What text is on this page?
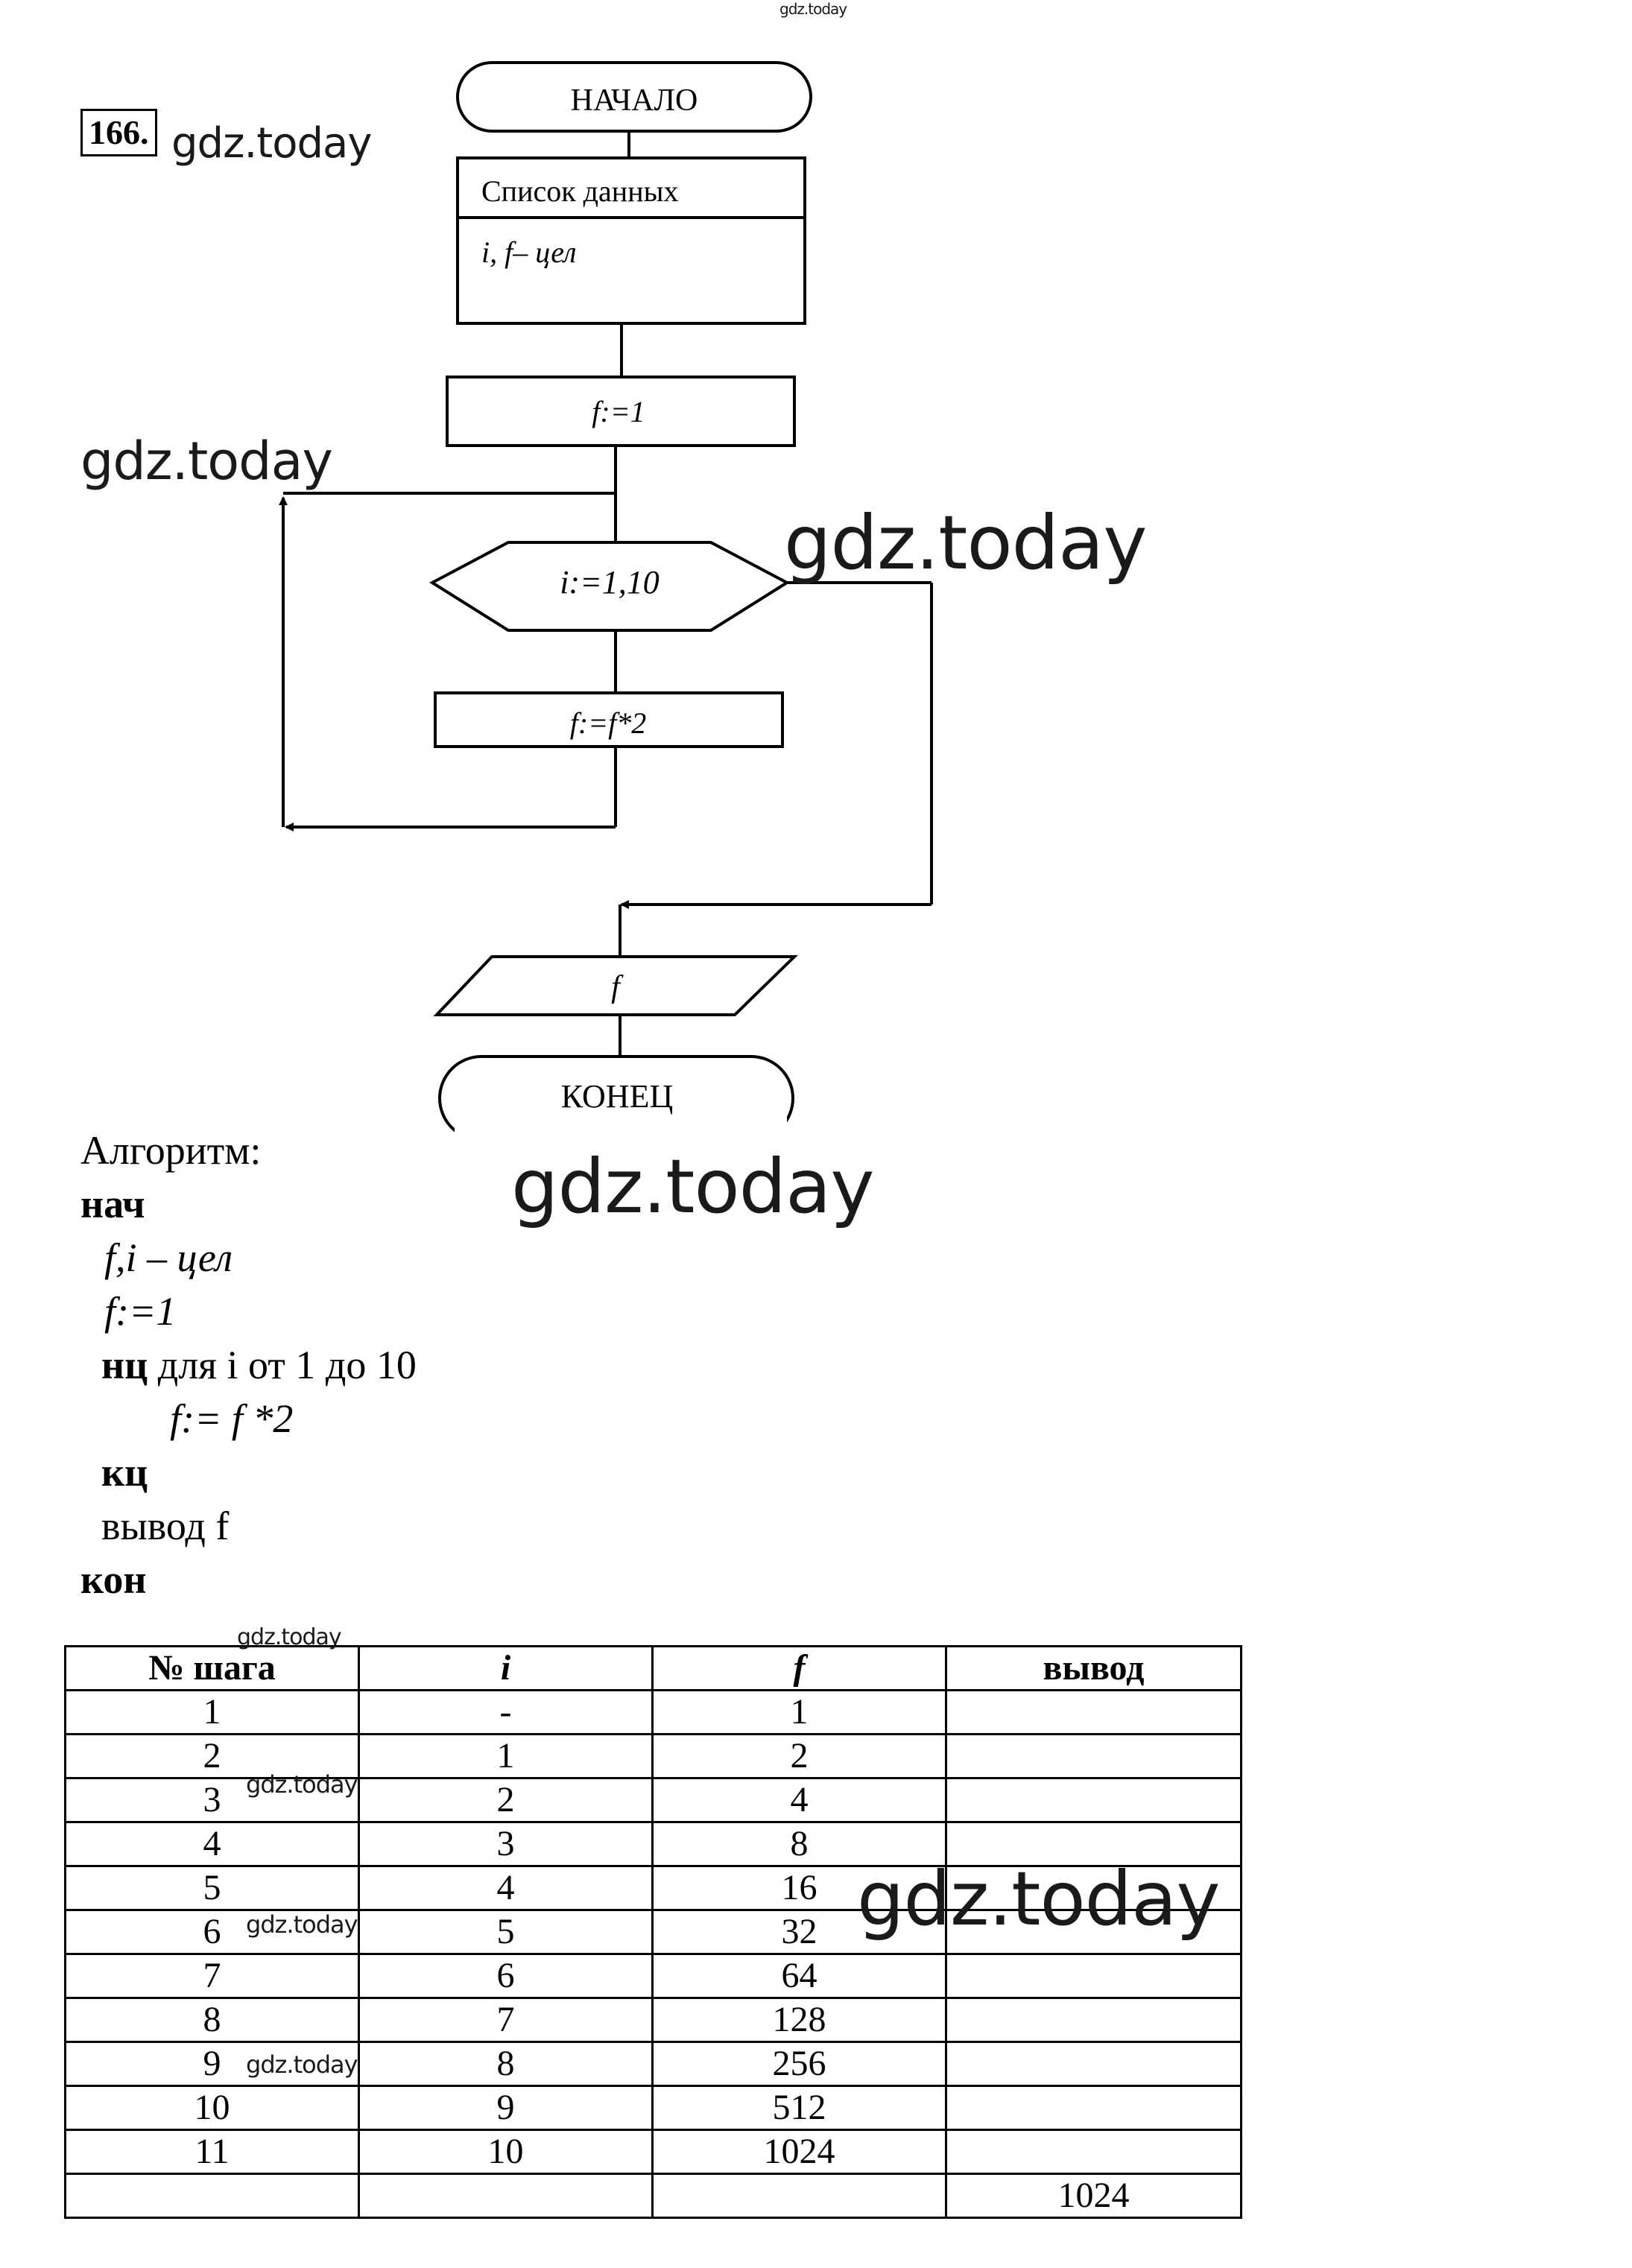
gdz.today
166. gdz.today
НАЧАЛО
Список данных
i, f– цел
f:=1
i:=1,10
f:=f*2
f
КОНЕЦ
gdz.today
gdz.today
gdz.today
Алгоритм:
нач
f,i – цел
f:=1
нц для i от 1 до 10
f:= f *2
кц
вывод f
кон
№ шага	i	f	вывод
1	-	1	
2	1	2	
3	2	4	
4	3	8	
5	4	16	
6	5	32	
7	6	64	
8	7	128	
9	8	256	
10	9	512	
11	10	1024	
			1024
gdz.today
gdz.today
gdz.today
gdz.today
gdz.today
